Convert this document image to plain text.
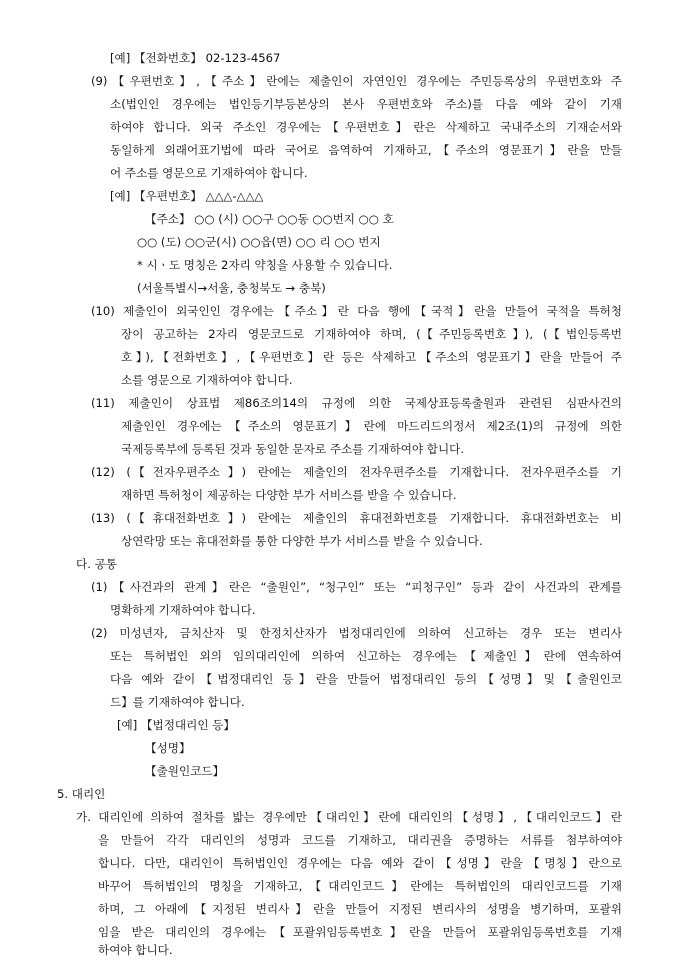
[예] 【전화번호】 02-123-4567
(9)【우편번호】,【주소】란에는 제출인이 자연인인 경우에는 주민등록상의 우편번호와 주
소(법인인 경우에는 법인등기부등본상의 본사 우편번호와 주소)를 다음 예와 같이 기재
하여야 합니다. 외국 주소인 경우에는【우편번호】란은 삭제하고 국내주소의 기재순서와
동일하게 외래어표기법에 따라 국어로 음역하여 기재하고,【주소의 영문표기】란을 만들
어 주소를 영문으로 기재하여야 합니다.
[예] 【우편번호】 △△△-△△△
【주소】 ○○ (시) ○○구 ○○동 ○○번지 ○○ 호
○○ (도) ○○군(시) ○○읍(면) ○○ 리 ○○ 번지
* 시ㆍ도 명칭은 2자리 약칭을 사용할 수 있습니다.
(서울특별시→서울, 충청북도 → 충북)
(10) 제출인이 외국인인 경우에는【주소】란 다음 행에【국적】란을 만들어 국적을 특허청
장이 공고하는 2자리 영문코드로 기재하여야 하며, (【주민등록번호】), (【법인등록번
호】),【전화번호】,【우편번호】란 등은 삭제하고【주소의 영문표기】란을 만들어 주
소를 영문으로 기재하여야 합니다.
(11) 제출인이 상표법 제86조의14의 규정에 의한 국제상표등록출원과 관련된 심판사건의
제출인인 경우에는【주소의 영문표기】란에 마드리드의정서 제2조(1)의 규정에 의한
국제등록부에 등록된 것과 동일한 문자로 주소를 기재하여야 합니다.
(12) (【전자우편주소】) 란에는 제출인의 전자우편주소를 기재합니다. 전자우편주소를 기
재하면 특허청이 제공하는 다양한 부가 서비스를 받을 수 있습니다.
(13) (【휴대전화번호】) 란에는 제출인의 휴대전화번호를 기재합니다. 휴대전화번호는 비
상연락망 또는 휴대전화를 통한 다양한 부가 서비스를 받을 수 있습니다.
다. 공통
(1)【사건과의 관계】란은 “출원인”, “청구인” 또는 “피청구인” 등과 같이 사건과의 관계를
명확하게 기재하여야 합니다.
(2) 미성년자, 금치산자 및 한정치산자가 법정대리인에 의하여 신고하는 경우 또는 변리사
또는 특허법인 외의 임의대리인에 의하여 신고하는 경우에는【제출인】란에 연속하여
다음 예와 같이【법정대리인 등】란을 만들어 법정대리인 등의【성명】및【출원인코
드】를 기재하여야 합니다.
[예] 【법정대리인 등】
【성명】
【출원인코드】
5. 대리인
가. 대리인에 의하여 절차를 밟는 경우에만【대리인】란에 대리인의【성명】,【대리인코드】란
을 만들어 각각 대리인의 성명과 코드를 기재하고, 대리권을 증명하는 서류를 첨부하여야
합니다. 다만, 대리인이 특허법인인 경우에는 다음 예와 같이【성명】란을【명칭】란으로
바꾸어 특허법인의 명칭을 기재하고,【대리인코드】란에는 특허법인의 대리인코드를 기재
하며, 그 아래에【지정된 변리사】란을 만들어 지정된 변리사의 성명을 병기하며, 포괄위
임을 받은 대리인의 경우에는【포괄위임등록번호】란을 만들어 포괄위임등록번호를 기재
하여야 합니다.
